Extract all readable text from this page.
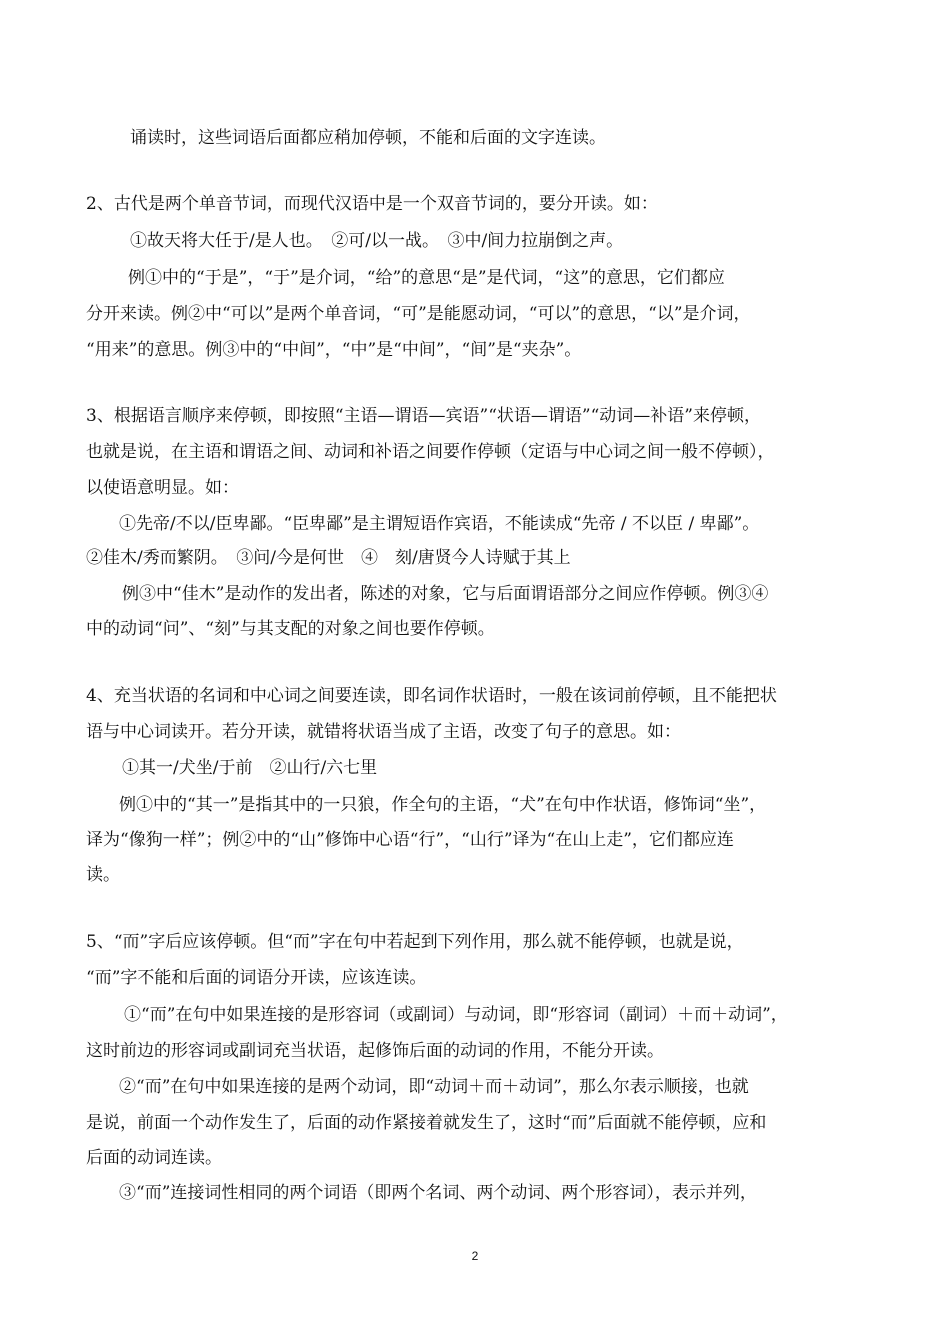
诵读时，这些词语后面都应稍加停顿，不能和后面的文字连读。
2、古代是两个单音节词，而现代汉语中是一个双音节词的，要分开读。如：
①故天将大任于/是人也。　②可/以一战。　③中/间力拉崩倒之声。
例①中的“于是”，“于”是介词，“给”的意思“是”是代词，“这”的意思，它们都应
分开来读。例②中“可以”是两个单音词，“可”是能愿动词，“可以”的意思，“以”是介词，
“用来”的意思。例③中的“中间”，“中”是“中间”，“间”是“夹杂”。
3、根据语言顺序来停顿，即按照“主语—谓语—宾语”“状语—谓语”“动词—补语”来停顿，
也就是说，在主语和谓语之间、动词和补语之间要作停顿（定语与中心词之间一般不停顿），
以使语意明显。如：
①先帝/不以/臣卑鄙。“臣卑鄙”是主谓短语作宾语，不能读成“先帝 / 不以臣 / 卑鄙”。
②佳木/秀而繁阴。　③问/今是何世　④　刻/唐贤今人诗赋于其上
例③中“佳木”是动作的发出者，陈述的对象，它与后面谓语部分之间应作停顿。例③④
中的动词“问”、“刻”与其支配的对象之间也要作停顿。
4、充当状语的名词和中心词之间要连读，即名词作状语时，一般在该词前停顿，且不能把状
语与中心词读开。若分开读，就错将状语当成了主语，改变了句子的意思。如：
①其一/犬坐/于前　②山行/六七里
例①中的“其一”是指其中的一只狼，作全句的主语，“犬”在句中作状语，修饰词“坐”，
译为“像狗一样”；例②中的“山”修饰中心语“行”，“山行”译为“在山上走”，它们都应连
读。
5、“而”字后应该停顿。但“而”字在句中若起到下列作用，那么就不能停顿，也就是说，
“而”字不能和后面的词语分开读，应该连读。
①“而”在句中如果连接的是形容词（或副词）与动词，即“形容词（副词）＋而＋动词”，
这时前边的形容词或副词充当状语，起修饰后面的动词的作用，不能分开读。
②“而”在句中如果连接的是两个动词，即“动词＋而＋动词”，那么尔表示顺接，也就
是说，前面一个动作发生了，后面的动作紧接着就发生了，这时“而”后面就不能停顿，应和
后面的动词连读。
③“而”连接词性相同的两个词语（即两个名词、两个动词、两个形容词），表示并列，
2
